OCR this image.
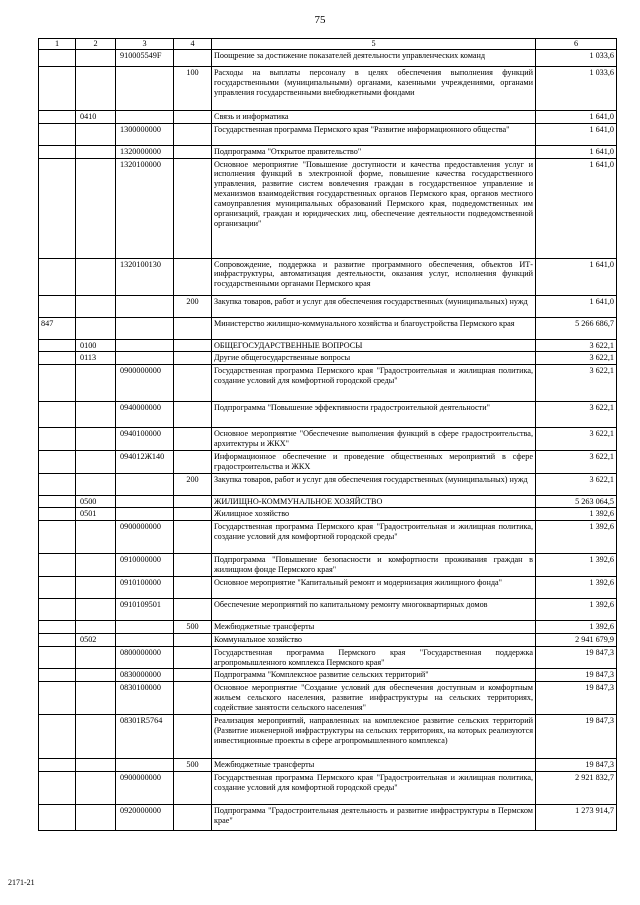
75
1	2	3	4	5	6
		910005549F		Поощрение за достижение показателей деятельности управленческих команд	1 033,6
			100	Расходы на выплаты персоналу в целях обеспечения выполнения функций государственными (муниципальными) органами, казенными учреждениями, органами управления государственными внебюджетными фондами	1 033,6
	0410			Связь и информатика	1 641,0
		1300000000		Государственная программа Пермского края "Развитие информационного общества"	1 641,0
		1320000000		Подпрограмма "Открытое правительство"	1 641,0
		1320100000		Основное мероприятие "Повышение доступности и качества предоставления услуг и исполнения функций в электронной форме, повышение качества государственного управления, развитие систем вовлечения граждан в государственное управление и механизмов взаимодействия государственных органов Пермского края, органов местного самоуправления муниципальных образований Пермского края, подведомственных им организаций, граждан и юридических лиц, обеспечение деятельности подведомственной организации"	1 641,0
		1320100130		Сопровождение, поддержка и развитие программного обеспечения, объектов ИТ-инфраструктуры, автоматизация деятельности, оказания услуг, исполнения функций государственными органами Пермского края	1 641,0
			200	Закупка товаров, работ и услуг для обеспечения государственных (муниципальных) нужд	1 641,0
847				Министерство жилищно-коммунального хозяйства и благоустройства Пермского края	5 266 686,7
	0100			ОБЩЕГОСУДАРСТВЕННЫЕ ВОПРОСЫ	3 622,1
	0113			Другие общегосударственные вопросы	3 622,1
		0900000000		Государственная программа Пермского края "Градостроительная и жилищная политика, создание условий для комфортной городской среды"	3 622,1
		0940000000		Подпрограмма "Повышение эффективности градостроительной деятельности"	3 622,1
		0940100000		Основное мероприятие "Обеспечение выполнения функций в сфере градостроительства, архитектуры и ЖКХ"	3 622,1
		094012Ж140		Информационное обеспечение и проведение общественных мероприятий в сфере градостроительства и ЖКХ	3 622,1
			200	Закупка товаров, работ и услуг для обеспечения государственных (муниципальных) нужд	3 622,1
	0500			ЖИЛИЩНО-КОММУНАЛЬНОЕ ХОЗЯЙСТВО	5 263 064,5
	0501			Жилищное хозяйство	1 392,6
		0900000000		Государственная программа Пермского края "Градостроительная и жилищная политика, создание условий для комфортной городской среды"	1 392,6
		0910000000		Подпрограмма "Повышение безопасности и комфортности проживания граждан в жилищном фонде Пермского края"	1 392,6
		0910100000		Основное мероприятие "Капитальный ремонт и модернизация жилищного фонда"	1 392,6
		0910109501		Обеспечение мероприятий по капитальному ремонту многоквартирных домов	1 392,6
			500	Межбюджетные трансферты	1 392,6
	0502			Коммунальное хозяйство	2 941 679,9
		0800000000		Государственная программа Пермского края "Государственная поддержка агропромышленного комплекса Пермского края"	19 847,3
		0830000000		Подпрограмма "Комплексное развитие сельских территорий"	19 847,3
		0830100000		Основное мероприятие "Создание условий для обеспечения доступным и комфортным жильем сельского населения, развитие инфраструктуры на сельских территориях, содействие занятости сельского населения"	19 847,3
		08301R5764		Реализация мероприятий, направленных на комплексное развитие сельских территорий (Развитие инженерной инфраструктуры на сельских территориях, на которых реализуются инвестиционные проекты в сфере агропромышленного комплекса)	19 847,3
			500	Межбюджетные трансферты	19 847,3
		0900000000		Государственная программа Пермского края "Градостроительная и жилищная политика, создание условий для комфортной городской среды"	2 921 832,7
		0920000000		Подпрограмма "Градостроительная деятельность и развитие инфраструктуры в Пермском крае"	1 273 914,7
2171-21
